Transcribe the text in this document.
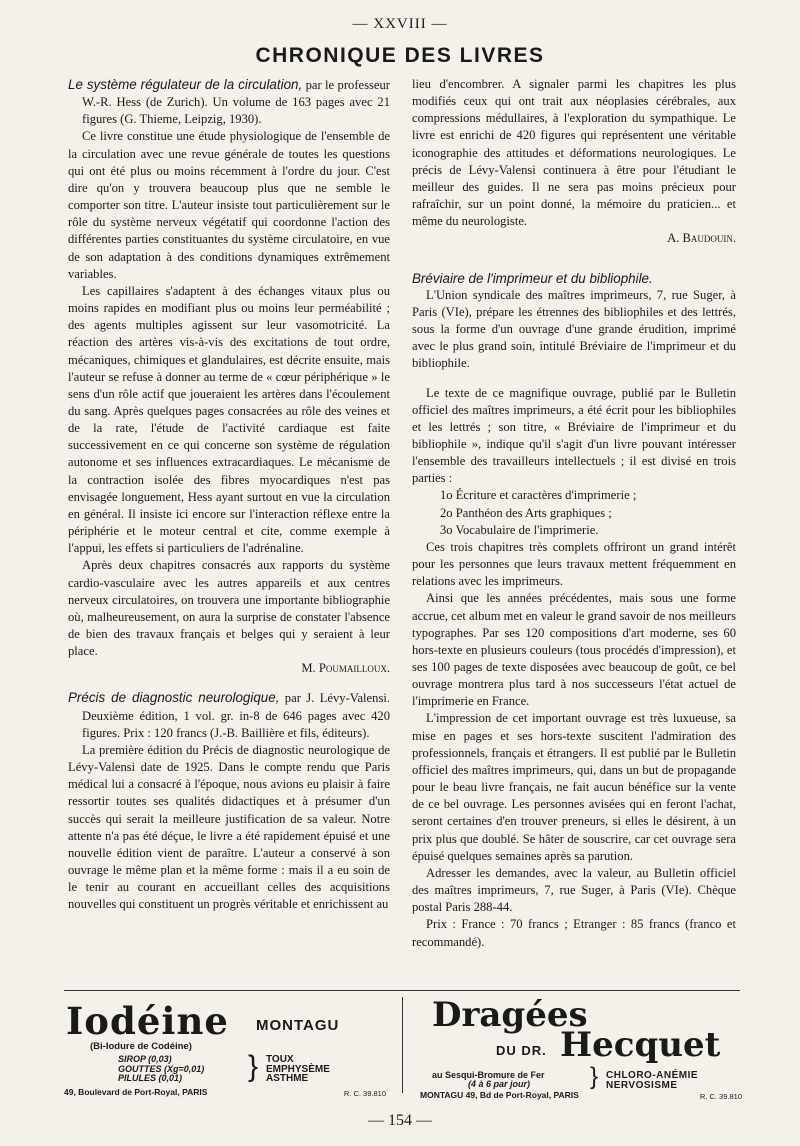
— XXVIII —
CHRONIQUE DES LIVRES

Le système régulateur de la circulation, par le professeur W.-R. Hess (de Zurich). Un volume de 163 pages avec 21 figures (G. Thieme, Leipzig, 1930).

Ce livre constitue une étude physiologique de l'ensemble de la circulation avec une revue générale de toutes les questions qui ont été plus ou moins récemment à l'ordre du jour. C'est dire qu'on y trouvera beaucoup plus que ne semble le comporter son titre. L'auteur insiste tout particulièrement sur le rôle du système nerveux végétatif qui coordonne l'action des différentes parties constituantes du système circulatoire, en vue de son adaptation à des conditions dynamiques extrêmement variables.

Les capillaires s'adaptent à des échanges vitaux plus ou moins rapides en modifiant plus ou moins leur perméabilité ; des agents multiples agissent sur leur vasomotricité. La réaction des artères vis-à-vis des excitations de tout ordre, mécaniques, chimiques et glandulaires, est décrite ensuite, mais l'auteur se refuse à donner au terme de « cœur périphérique » le sens d'un rôle actif que joueraient les artères dans l'écoulement du sang. Après quelques pages consacrées au rôle des veines et de la rate, l'étude de l'activité cardiaque est faite successivement en ce qui concerne son système de régulation autonome et ses influences extracardiaques. Le mécanisme de la contraction isolée des fibres myocardiques n'est pas envisagée longuement, Hess ayant surtout en vue la circulation en général. Il insiste ici encore sur l'interaction réflexe entre la périphérie et le moteur central et cite, comme exemple à l'appui, les effets si particuliers de l'adrénaline.

Après deux chapitres consacrés aux rapports du système cardio-vasculaire avec les autres appareils et aux centres nerveux circulatoires, on trouvera une importante bibliographie où, malheureusement, on aura la surprise de constater l'absence de bien des travaux français et belges qui y seraient à leur place.

M. Poumailloux.

Précis de diagnostic neurologique, par J. Lévy-Valensi. Deuxième édition, 1 vol. gr. in-8 de 646 pages avec 420 figures. Prix : 120 francs (J.-B. Baillière et fils, éditeurs).

La première édition du Précis de diagnostic neurologique de Lévy-Valensi date de 1925. Dans le compte rendu que Paris médical lui a consacré à l'époque, nous avions eu plaisir à faire ressortir toutes ses qualités didactiques et à présumer d'un succès qui serait la meilleure justification de sa valeur. Notre attente n'a pas été déçue, le livre a été rapidement épuisé et une nouvelle édition vient de paraître. L'auteur a conservé à son ouvrage le même plan et la même forme : mais il a eu soin de le tenir au courant en accueillant celles des acquisitions nouvelles qui constituent un progrès véritable et enrichissent au

lieu d'encombrer. A signaler parmi les chapitres les plus modifiés ceux qui ont trait aux néoplasies cérébrales, aux compressions médullaires, à l'exploration du sympathique. Le livre est enrichi de 420 figures qui représentent une véritable iconographie des attitudes et déformations neurologiques. Le précis de Lévy-Valensi continuera à être pour l'étudiant le meilleur des guides. Il ne sera pas moins précieux pour rafraîchir, sur un point donné, la mémoire du praticien... et même du neurologiste.

A. Baudouin.

Bréviaire de l'imprimeur et du bibliophile.

L'Union syndicale des maîtres imprimeurs, 7, rue Suger, à Paris (VIe), prépare les étrennes des bibliophiles et des lettrés, sous la forme d'un ouvrage d'une grande érudition, imprimé avec le plus grand soin, intitulé Bréviaire de l'imprimeur et du bibliophile.

Le texte de ce magnifique ouvrage, publié par le Bulletin officiel des maîtres imprimeurs, a été écrit pour les bibliophiles et les lettrés ; son titre, « Bréviaire de l'imprimeur et du bibliophile », indique qu'il s'agit d'un livre pouvant intéresser l'ensemble des travailleurs intellectuels ; il est divisé en trois parties :

1o Écriture et caractères d'imprimerie ;

2o Panthéon des Arts graphiques ;

3o Vocabulaire de l'imprimerie.

Ces trois chapitres très complets offriront un grand intérêt pour les personnes que leurs travaux mettent fréquemment en relations avec les imprimeurs.

Ainsi que les années précédentes, mais sous une forme accrue, cet album met en valeur le grand savoir de nos meilleurs typographes. Par ses 120 compositions d'art moderne, ses 60 hors-texte en plusieurs couleurs (tous procédés d'impression), et ses 100 pages de texte disposées avec beaucoup de goût, ce bel ouvrage montrera plus tard à nos successeurs l'état actuel de l'imprimerie en France.

L'impression de cet important ouvrage est très luxueuse, sa mise en pages et ses hors-texte suscitent l'admiration des professionnels, français et étrangers. Il est publié par le Bulletin officiel des maîtres imprimeurs, qui, dans un but de propagande pour le beau livre français, ne fait aucun bénéfice sur la vente de ce bel ouvrage. Les personnes avisées qui en feront l'achat, seront certaines d'en trouver preneurs, si elles le désirent, à un prix plus que doublé. Se hâter de souscrire, car cet ouvrage sera épuisé quelques semaines après sa parution.

Adresser les demandes, avec la valeur, au Bulletin officiel des maîtres imprimeurs, 7, rue Suger, à Paris (VIe). Chèque postal Paris 288-44.

Prix : France : 70 francs ; Etranger : 85 francs (franco et recommandé).

Iodéine MONTAGU
(Bi-Iodure de Codéine)
SIROP (0,03)
GOUTTES (Xg=0,01)
PILULES (0,01)	} TOUX
EMPHYSÈME
ASTHME
49, Boulevard de Port-Royal, PARIS	R. C. 39.810
Dragées
DU DR. Hecquet
au Sesqui-Bromure de Fer
(4 à 6 par jour)	} CHLORO-ANÉMIE
NERVOSISME
MONTAGU 49, Bd de Port-Royal, PARIS	R. C. 39.810
— 154 —
